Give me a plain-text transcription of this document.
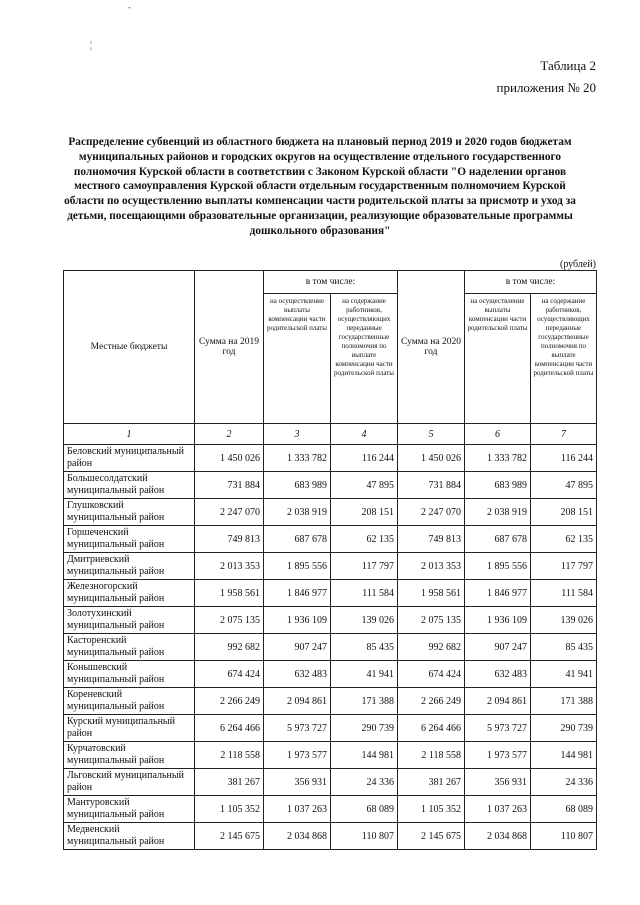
-
¦
Таблица 2
приложения № 20
Распределение субвенций из областного бюджета на плановый период 2019 и 2020 годов бюджетам муниципальных районов и городских округов на осуществление отдельного государственного полномочия Курской области в соответствии с Законом Курской области "О наделении органов местного самоуправления Курской области отдельным государственным полномочием Курской области по осуществлению выплаты компенсации части родительской платы за присмотр и уход за детьми, посещающими образовательные организации, реализующие образовательные программы дошкольного образования"
(рублей)
Местные бюджеты	Сумма на 2019 год	в том числе:		Сумма на 2020 год	в том числе:	
		на осуществление выплаты компенсации части родительской платы	на содержание работников, осуществляющих переданные государственные полномочия по выплате компенсации части родительской платы		на осуществление выплаты компенсации части родительской платы	на содержание работников, осуществляющих переданные государственные полномочия по выплате компенсации части родительской платы
1	2	3	4	5	6	7
Беловский муниципальный район	1 450 026	1 333 782	116 244	1 450 026	1 333 782	116 244
Большесолдатский муниципальный район	731 884	683 989	47 895	731 884	683 989	47 895
Глушковский муниципальный район	2 247 070	2 038 919	208 151	2 247 070	2 038 919	208 151
Горшеченский муниципальный район	749 813	687 678	62 135	749 813	687 678	62 135
Дмитриевский муниципальный район	2 013 353	1 895 556	117 797	2 013 353	1 895 556	117 797
Железногорский муниципальный район	1 958 561	1 846 977	111 584	1 958 561	1 846 977	111 584
Золотухинский муниципальный район	2 075 135	1 936 109	139 026	2 075 135	1 936 109	139 026
Касторенский муниципальный район	992 682	907 247	85 435	992 682	907 247	85 435
Конышевский муниципальный район	674 424	632 483	41 941	674 424	632 483	41 941
Кореневский муниципальный район	2 266 249	2 094 861	171 388	2 266 249	2 094 861	171 388
Курский муниципальный район	6 264 466	5 973 727	290 739	6 264 466	5 973 727	290 739
Курчатовский муниципальный район	2 118 558	1 973 577	144 981	2 118 558	1 973 577	144 981
Льговский муниципальный район	381 267	356 931	24 336	381 267	356 931	24 336
Мантуровский муниципальный район	1 105 352	1 037 263	68 089	1 105 352	1 037 263	68 089
Медвенский муниципальный район	2 145 675	2 034 868	110 807	2 145 675	2 034 868	110 807
